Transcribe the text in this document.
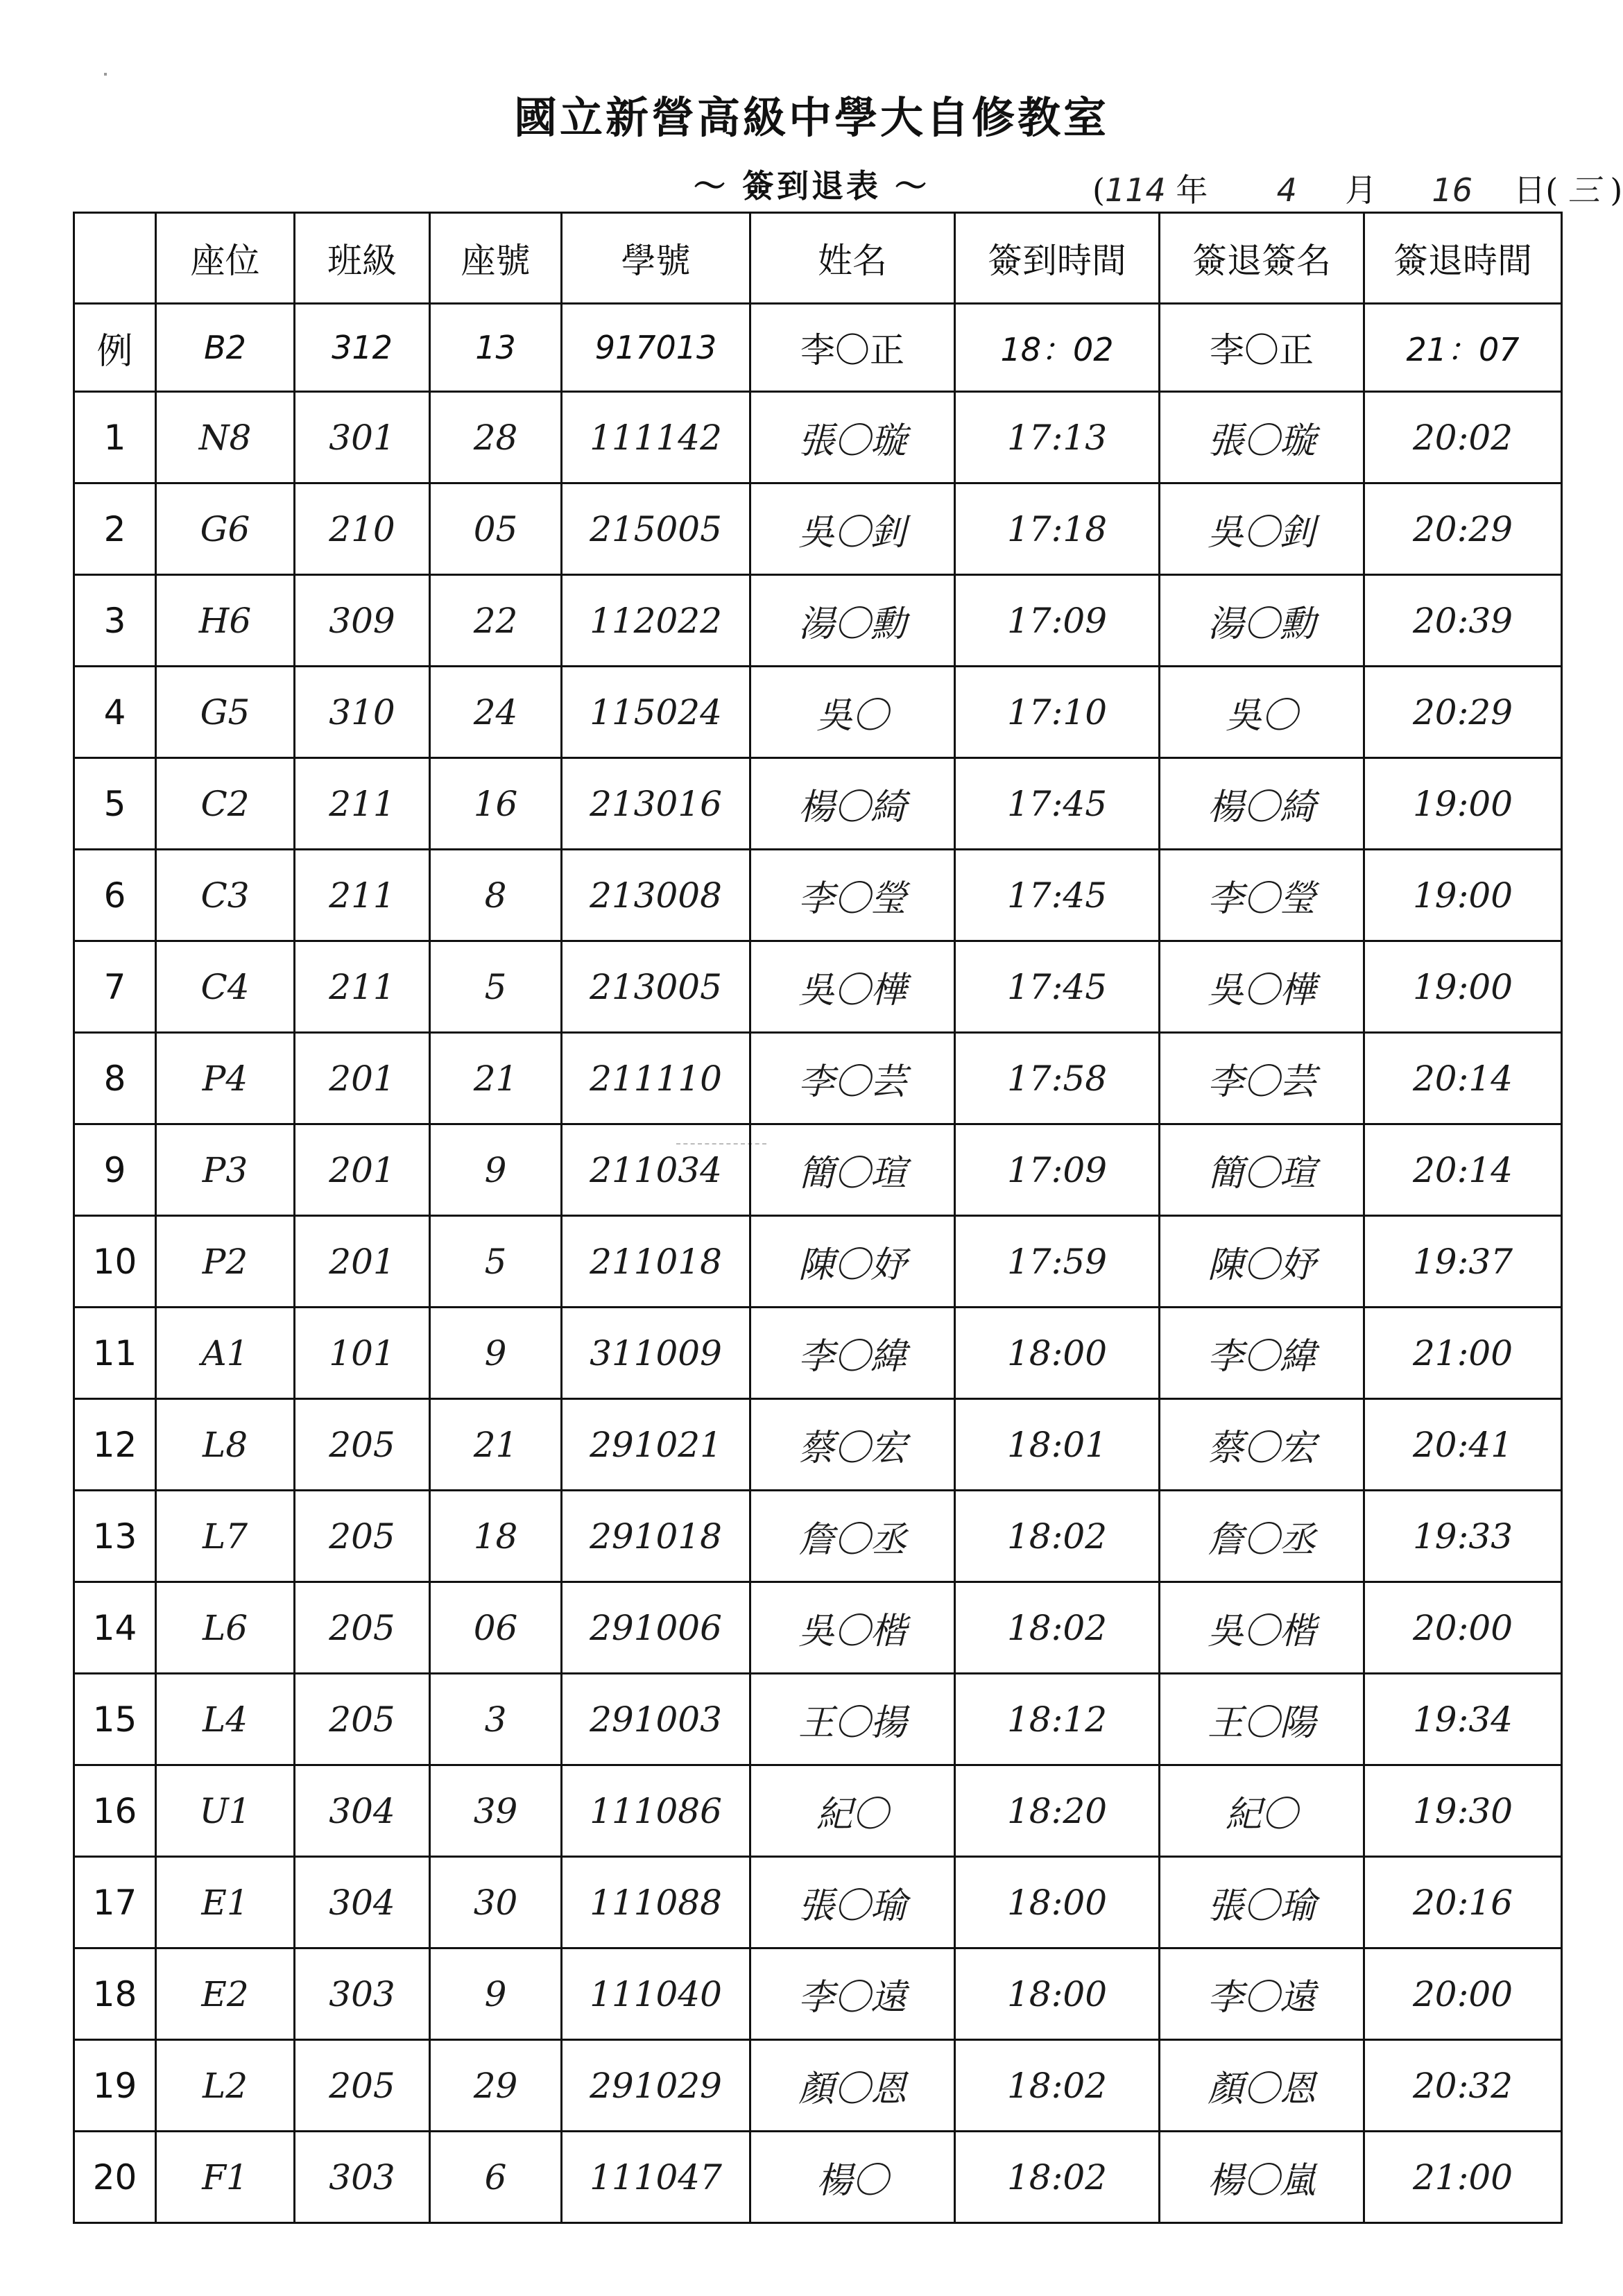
國立新營高級中學大自修教室
～ 簽到退表 ～	(114 年 4 月 16 日( 三 )
	座位	班級	座號	學號	姓名	簽到時間	簽退簽名	簽退時間
例	B2	312	13	917013	李〇正	18：02	李〇正	21：07
1	N8	301	28	111142	張〇璇	17:13	張〇璇	20:02
2	G6	210	05	215005	吳〇釗	17:18	吳〇釗	20:29
3	H6	309	22	112022	湯〇勳	17:09	湯〇勳	20:39
4	G5	310	24	115024	吳〇	17:10	吳〇	20:29
5	C2	211	16	213016	楊〇綺	17:45	楊〇綺	19:00
6	C3	211	8	213008	李〇瑩	17:45	李〇瑩	19:00
7	C4	211	5	213005	吳〇樺	17:45	吳〇樺	19:00
8	P4	201	21	211110	李〇芸	17:58	李〇芸	20:14
9	P3	201	9	211034	簡〇瑄	17:09	簡〇瑄	20:14
10	P2	201	5	211018	陳〇妤	17:59	陳〇妤	19:37
11	A1	101	9	311009	李〇緯	18:00	李〇緯	21:00
12	L8	205	21	291021	蔡〇宏	18:01	蔡〇宏	20:41
13	L7	205	18	291018	詹〇丞	18:02	詹〇丞	19:33
14	L6	205	06	291006	吳〇楷	18:02	吳〇楷	20:00
15	L4	205	3	291003	王〇揚	18:12	王〇陽	19:34
16	U1	304	39	111086	紀〇	18:20	紀〇	19:30
17	E1	304	30	111088	張〇瑜	18:00	張〇瑜	20:16
18	E2	303	9	111040	李〇遠	18:00	李〇遠	20:00
19	L2	205	29	291029	顏〇恩	18:02	顏〇恩	20:32
20	F1	303	6	111047	楊〇	18:02	楊〇嵐	21:00
